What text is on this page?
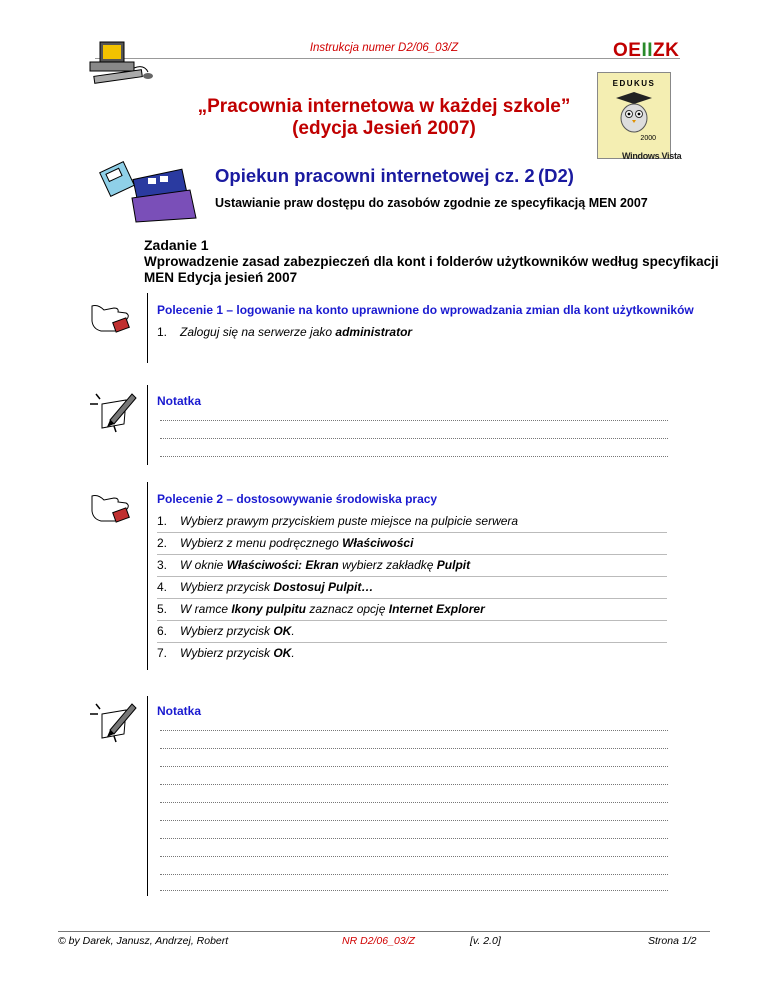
Instrukcja numer D2/06_03/Z	OEIIZK
EDUKUS
2000
Windows Vista
„Pracownia internetowa w każdej szkole”
(edycja Jesień 2007)
Opiekun pracowni internetowej cz. 2 (D2)
Ustawianie praw dostępu do zasobów zgodnie ze specyfikacją MEN 2007
Zadanie 1
Wprowadzenie zasad zabezpieczeń dla kont i folderów użytkowników według specyfikacji MEN Edycja jesień 2007
Polecenie 1 – logowanie na konto uprawnione do wprowadzania zmian dla kont użytkowników
1. Zaloguj się na serwerze jako administrator
Notatka
Polecenie 2 – dostosowywanie środowiska pracy
1. Wybierz prawym przyciskiem puste miejsce na pulpicie serwera
2. Wybierz z menu podręcznego Właściwości
3. W oknie Właściwości: Ekran wybierz zakładkę Pulpit
4. Wybierz przycisk Dostosuj Pulpit…
5. W ramce Ikony pulpitu zaznacz opcję Internet Explorer
6. Wybierz przycisk OK.
7. Wybierz przycisk OK.
Notatka
© by Darek, Janusz, Andrzej, Robert	NR D2/06_03/Z	[v. 2.0]	Strona 1/2
